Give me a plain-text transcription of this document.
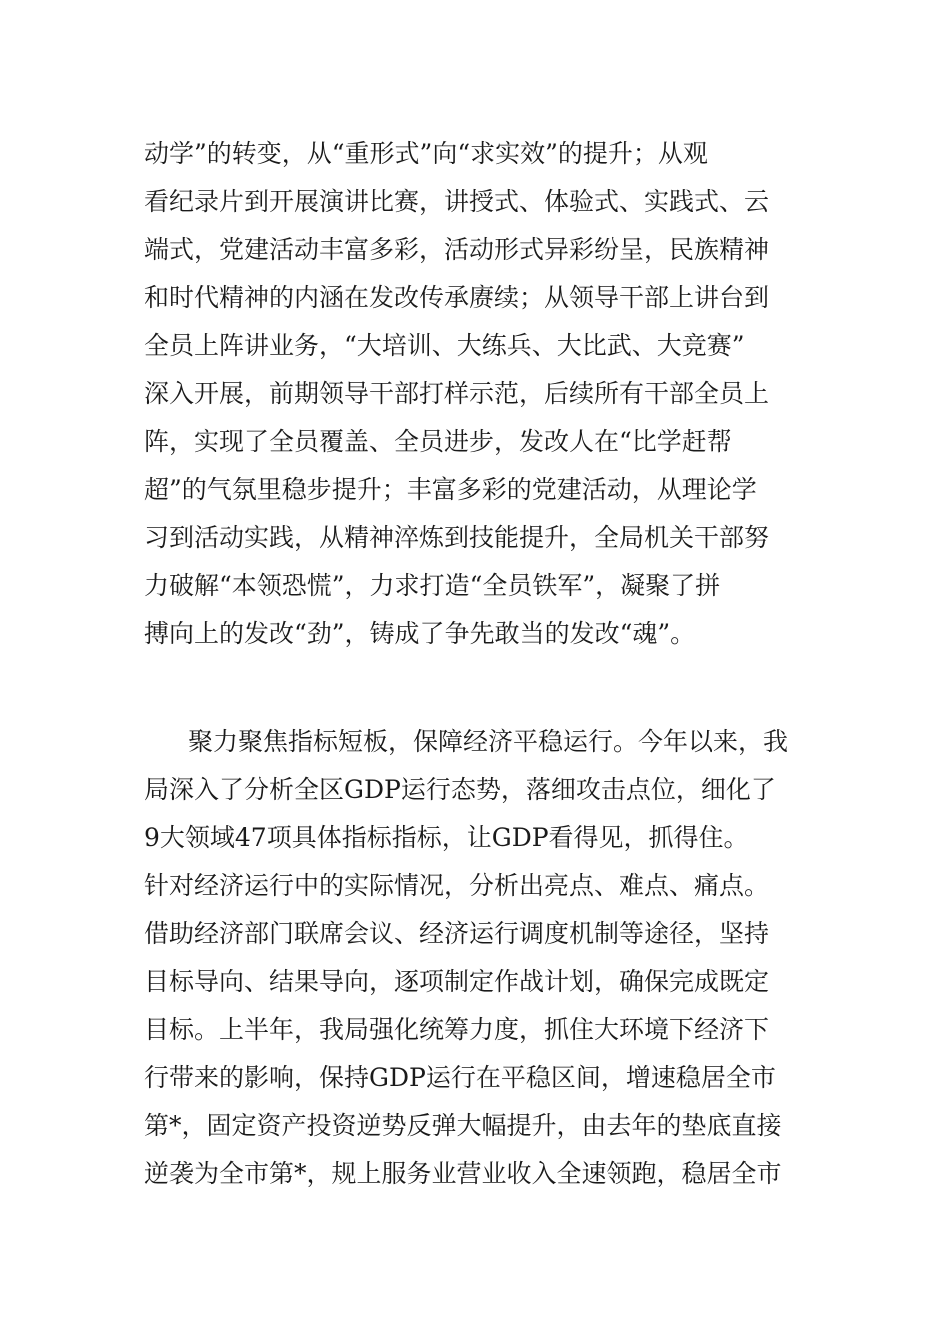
动学”的转变，从“重形式”向“求实效”的提升；从观
看纪录片到开展演讲比赛，讲授式、体验式、实践式、云
端式，党建活动丰富多彩，活动形式异彩纷呈，民族精神
和时代精神的内涵在发改传承赓续；从领导干部上讲台到
全员上阵讲业务，“大培训、大练兵、大比武、大竞赛”
深入开展，前期领导干部打样示范，后续所有干部全员上
阵，实现了全员覆盖、全员进步，发改人在“比学赶帮
超”的气氛里稳步提升；丰富多彩的党建活动，从理论学
习到活动实践，从精神淬炼到技能提升，全局机关干部努
力破解“本领恐慌”，力求打造“全员铁军”，凝聚了拼
搏向上的发改“劲”，铸成了争先敢当的发改“魂”。
聚力聚焦指标短板，保障经济平稳运行。今年以来，我
局深入了分析全区GDP运行态势，落细攻击点位，细化了
9大领域47项具体指标指标，让GDP看得见，抓得住。
针对经济运行中的实际情况，分析出亮点、难点、痛点。
借助经济部门联席会议、经济运行调度机制等途径，坚持
目标导向、结果导向，逐项制定作战计划，确保完成既定
目标。上半年，我局强化统筹力度，抓住大环境下经济下
行带来的影响，保持GDP运行在平稳区间，增速稳居全市
第*，固定资产投资逆势反弹大幅提升，由去年的垫底直接
逆袭为全市第*，规上服务业营业收入全速领跑，稳居全市
